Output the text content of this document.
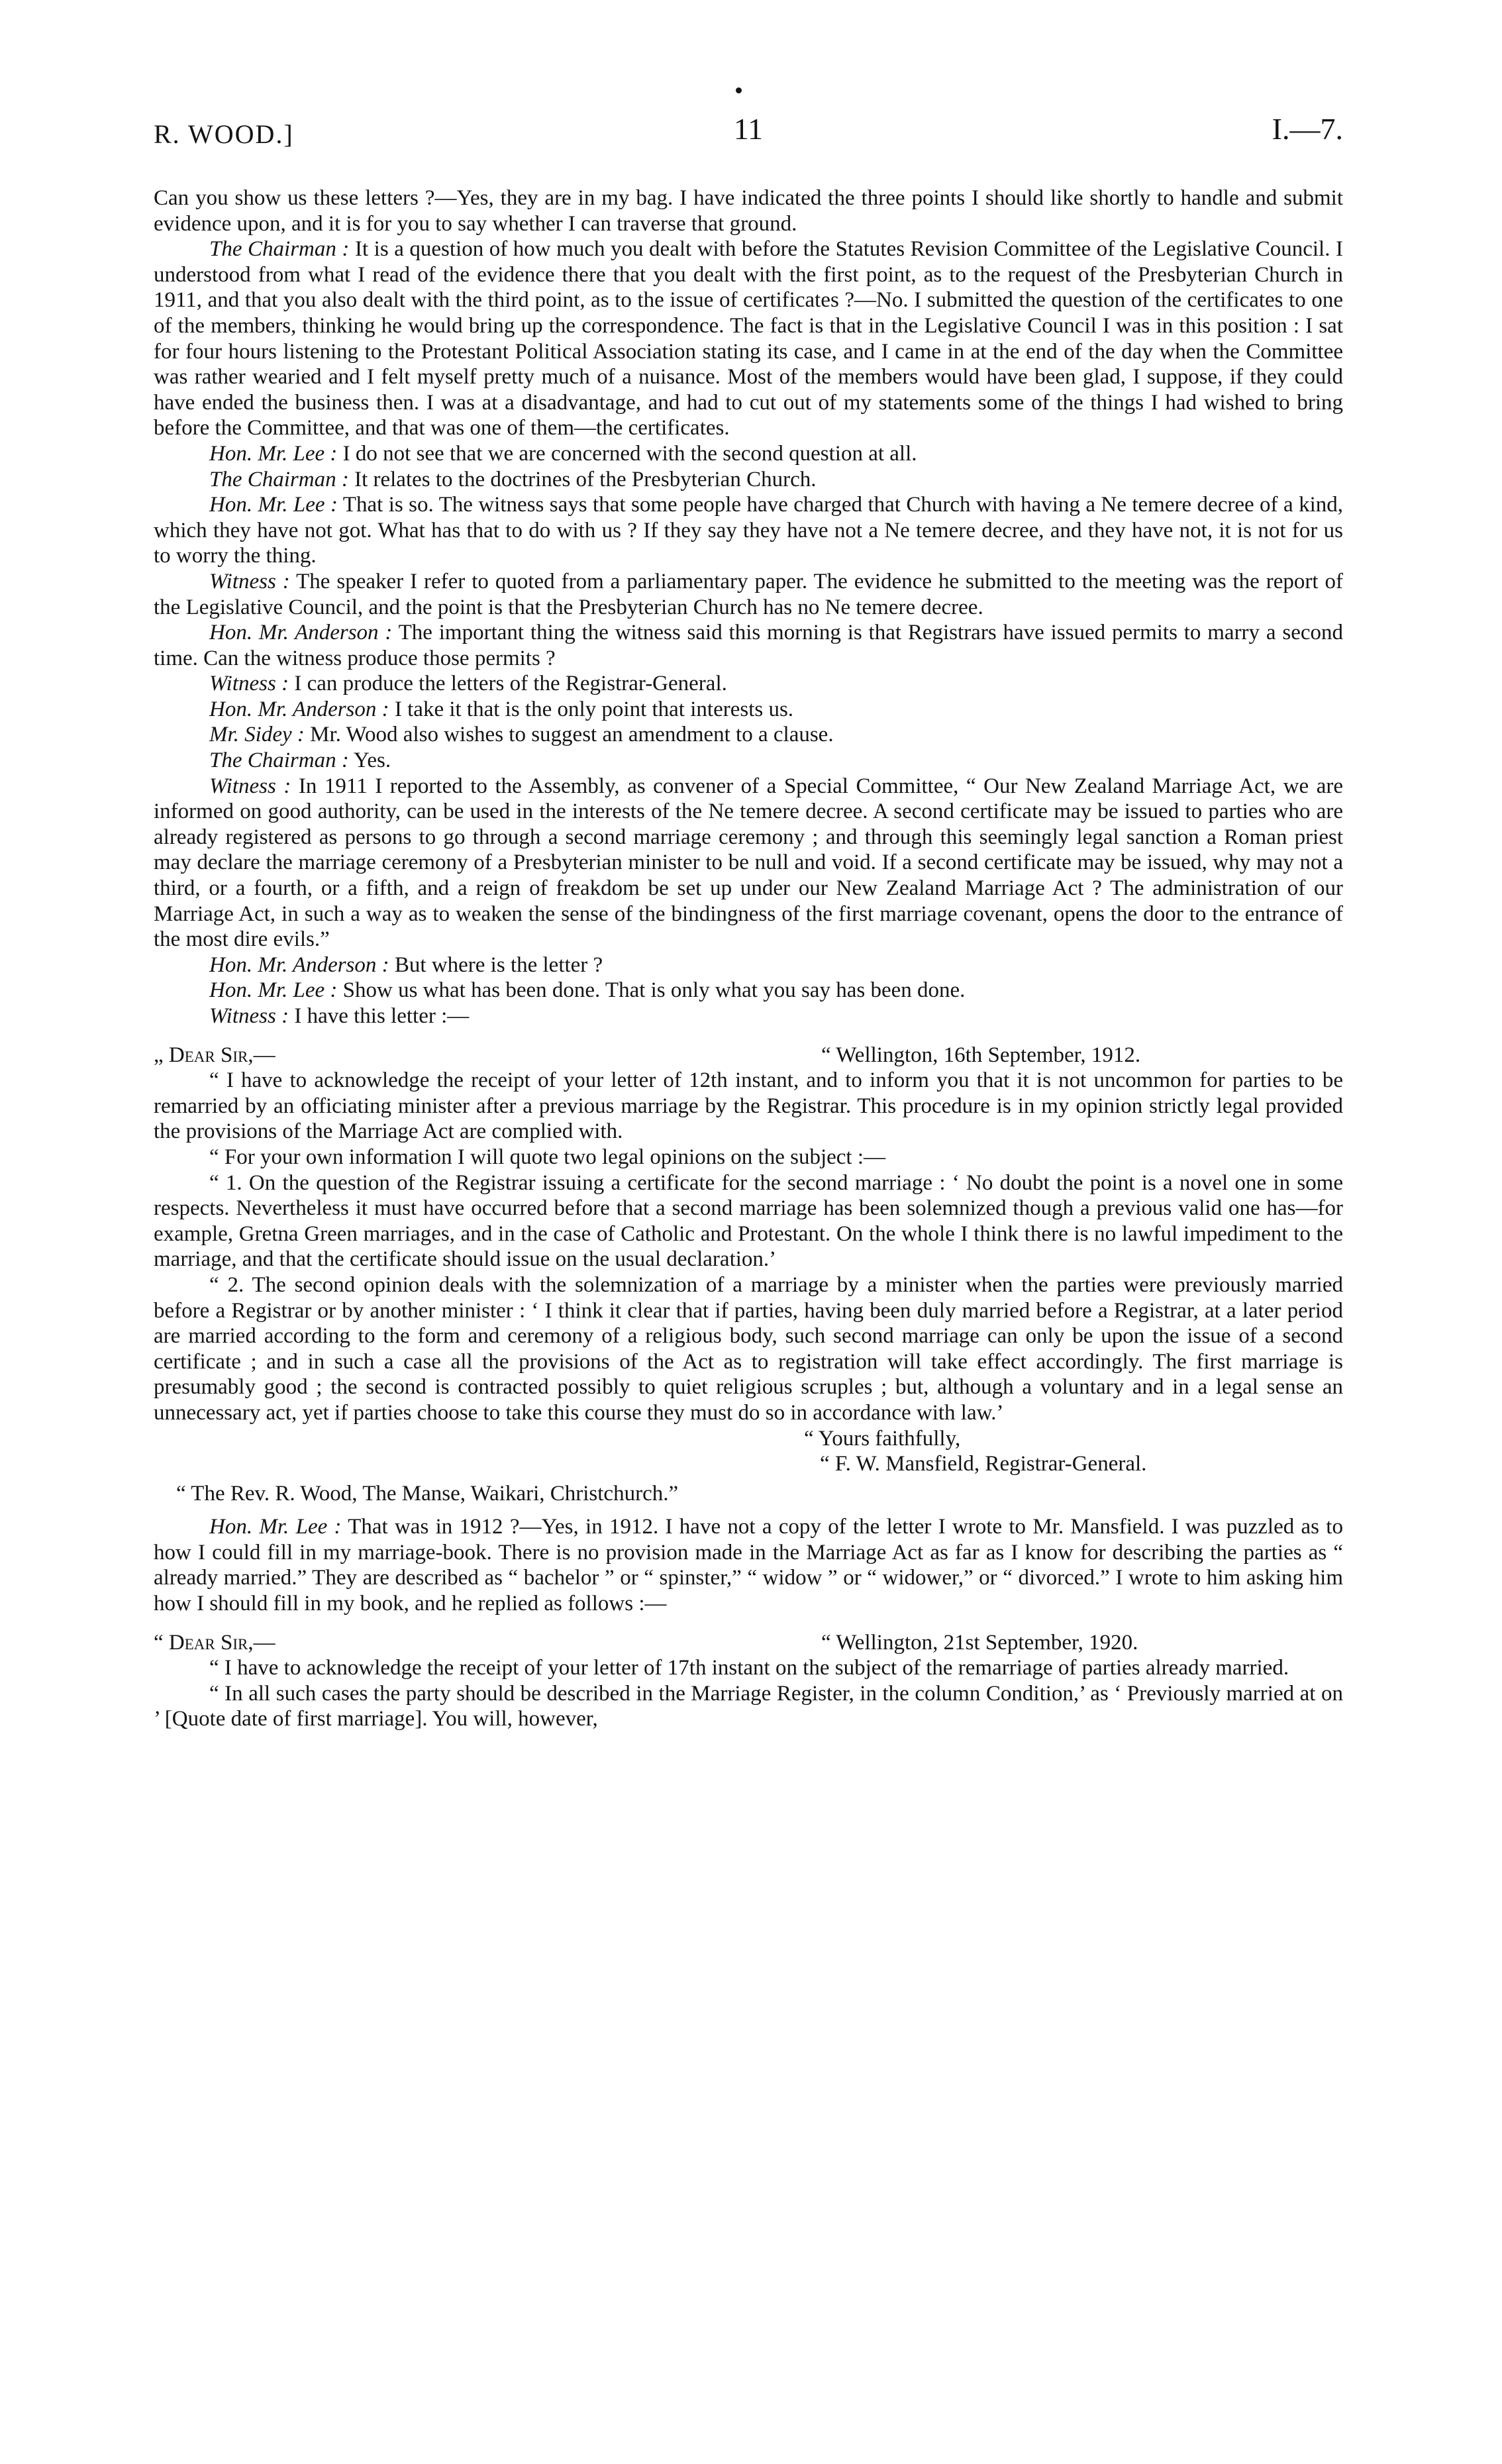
R. WOOD.]	11	I.—7.

Can you show us these letters ?—Yes, they are in my bag. I have indicated the three points I should like shortly to handle and submit evidence upon, and it is for you to say whether I can traverse that ground.

The Chairman : It is a question of how much you dealt with before the Statutes Revision Committee of the Legislative Council. I understood from what I read of the evidence there that you dealt with the first point, as to the request of the Presbyterian Church in 1911, and that you also dealt with the third point, as to the issue of certificates ?—No. I submitted the question of the certificates to one of the members, thinking he would bring up the correspondence. The fact is that in the Legislative Council I was in this position : I sat for four hours listening to the Protestant Political Association stating its case, and I came in at the end of the day when the Committee was rather wearied and I felt myself pretty much of a nuisance. Most of the members would have been glad, I suppose, if they could have ended the business then. I was at a disadvantage, and had to cut out of my statements some of the things I had wished to bring before the Committee, and that was one of them—the certificates.

Hon. Mr. Lee : I do not see that we are concerned with the second question at all.

The Chairman : It relates to the doctrines of the Presbyterian Church.

Hon. Mr. Lee : That is so. The witness says that some people have charged that Church with having a Ne temere decree of a kind, which they have not got. What has that to do with us ? If they say they have not a Ne temere decree, and they have not, it is not for us to worry the thing.

Witness : The speaker I refer to quoted from a parliamentary paper. The evidence he submitted to the meeting was the report of the Legislative Council, and the point is that the Presbyterian Church has no Ne temere decree.

Hon. Mr. Anderson : The important thing the witness said this morning is that Registrars have issued permits to marry a second time. Can the witness produce those permits ?

Witness : I can produce the letters of the Registrar-General.

Hon. Mr. Anderson : I take it that is the only point that interests us.

Mr. Sidey : Mr. Wood also wishes to suggest an amendment to a clause.

The Chairman : Yes.

Witness : In 1911 I reported to the Assembly, as convener of a Special Committee, “ Our New Zealand Marriage Act, we are informed on good authority, can be used in the interests of the Ne temere decree. A second certificate may be issued to parties who are already registered as persons to go through a second marriage ceremony ; and through this seemingly legal sanction a Roman priest may declare the marriage ceremony of a Presbyterian minister to be null and void. If a second certificate may be issued, why may not a third, or a fourth, or a fifth, and a reign of freakdom be set up under our New Zealand Marriage Act ? The administration of our Marriage Act, in such a way as to weaken the sense of the bindingness of the first marriage covenant, opens the door to the entrance of the most dire evils.”

Hon. Mr. Anderson : But where is the letter ?

Hon. Mr. Lee : Show us what has been done. That is only what you say has been done.

Witness : I have this letter :—

„ Dear Sir,—	“ Wellington, 16th September, 1912.

“ I have to acknowledge the receipt of your letter of 12th instant, and to inform you that it is not uncommon for parties to be remarried by an officiating minister after a previous marriage by the Registrar. This procedure is in my opinion strictly legal provided the provisions of the Marriage Act are complied with.

“ For your own information I will quote two legal opinions on the subject :—

“ 1. On the question of the Registrar issuing a certificate for the second marriage : ‘ No doubt the point is a novel one in some respects. Nevertheless it must have occurred before that a second marriage has been solemnized though a previous valid one has—for example, Gretna Green marriages, and in the case of Catholic and Protestant. On the whole I think there is no lawful impediment to the marriage, and that the certificate should issue on the usual declaration.’

“ 2. The second opinion deals with the solemnization of a marriage by a minister when the parties were previously married before a Registrar or by another minister : ‘ I think it clear that if parties, having been duly married before a Registrar, at a later period are married according to the form and ceremony of a religious body, such second marriage can only be upon the issue of a second certificate ; and in such a case all the provisions of the Act as to registration will take effect accordingly. The first marriage is presumably good ; the second is contracted possibly to quiet religious scruples ; but, although a voluntary and in a legal sense an unnecessary act, yet if parties choose to take this course they must do so in accordance with law.’

“ Yours faithfully,

“ F. W. Mansfield, Registrar-General.

“ The Rev. R. Wood, The Manse, Waikari, Christchurch.”

Hon. Mr. Lee : That was in 1912 ?—Yes, in 1912. I have not a copy of the letter I wrote to Mr. Mansfield. I was puzzled as to how I could fill in my marriage-book. There is no provision made in the Marriage Act as far as I know for describing the parties as “ already married.” They are described as “ bachelor ” or “ spinster,” “ widow ” or “ widower,” or “ divorced.” I wrote to him asking him how I should fill in my book, and he replied as follows :—

“ Dear Sir,—	“ Wellington, 21st September, 1920.

“ I have to acknowledge the receipt of your letter of 17th instant on the subject of the remarriage of parties already married.

“ In all such cases the party should be described in the Marriage Register, in the column Condition,’ as ‘ Previously married at on ’ [Quote date of first marriage]. You will, however,
